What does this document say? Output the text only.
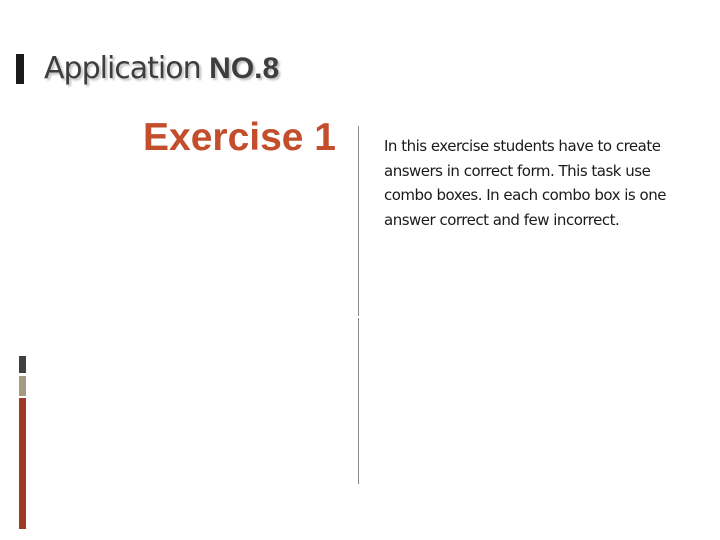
Application NO.8
Exercise 1	In this exercise students have to create answers in correct form. This task use combo boxes. In each combo box is one answer correct and few incorrect.
